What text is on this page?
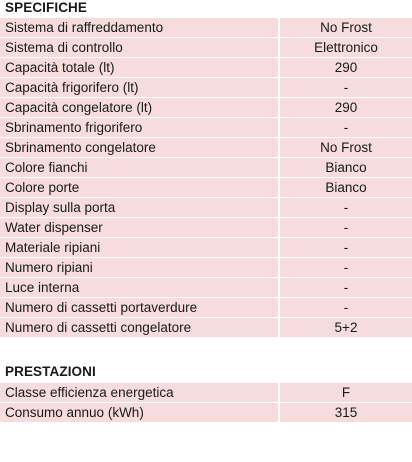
SPECIFICHE
Sistema di raffreddamento	No Frost
Sistema di controllo	Elettronico
Capacità totale (lt)	290
Capacità frigorifero (lt)	-
Capacità congelatore (lt)	290
Sbrinamento frigorifero	-
Sbrinamento congelatore	No Frost
Colore fianchi	Bianco
Colore porte	Bianco
Display sulla porta	-
Water dispenser	-
Materiale ripiani	-
Numero ripiani	-
Luce interna	-
Numero di cassetti portaverdure	-
Numero di cassetti congelatore	5+2
PRESTAZIONI
Classe efficienza energetica	F
Consumo annuo (kWh)	315
